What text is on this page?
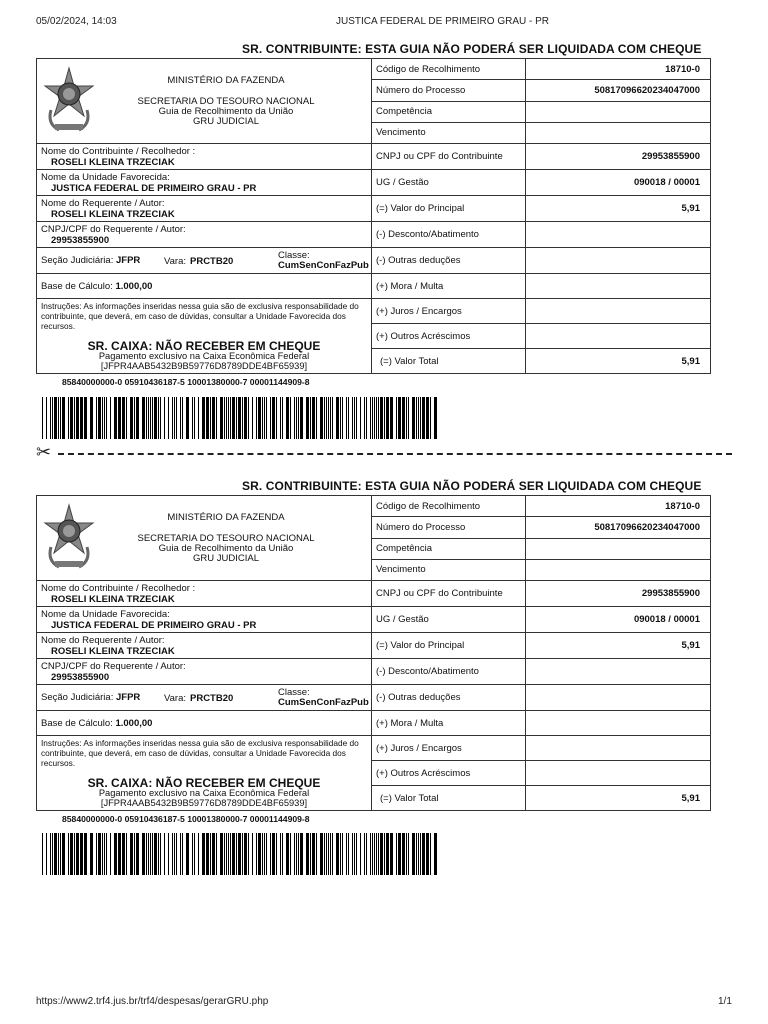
05/02/2024, 14:03	JUSTICA FEDERAL DE PRIMEIRO GRAU - PR
SR. CONTRIBUINTE: ESTA GUIA NÃO PODERÁ SER LIQUIDADA COM CHEQUE
MINISTÉRIO DA FAZENDA
SECRETARIA DO TESOURO NACIONAL
Guia de Recolhimento da União
GRU JUDICIAL	Código de Recolhimento	18710-0
	Número do Processo	50817096620234047000
	Competência	
	Vencimento	

Nome do Contribuinte / Recolhedor :
ROSELI KLEINA TRZECIAK	CNPJ ou CPF do Contribuinte	29953855900

Nome da Unidade Favorecida:
JUSTICA FEDERAL DE PRIMEIRO GRAU - PR	UG / Gestão	090018 / 00001

Nome do Requerente / Autor:
ROSELI KLEINA TRZECIAK	(=) Valor do Principal	5,91

CNPJ/CPF do Requerente / Autor:
29953855900	(-) Desconto/Abatimento	
Seção Judiciária: JFPR Vara: PRCTB20
Classe:
CumSenConFazPub	(-) Outras deduções	
Base de Cálculo: 1.000,00	(+) Mora / Multa	
Instruções: As informações inseridas nessa guia são de exclusiva responsabilidade do contribuinte, que deverá, em caso de dúvidas, consultar a Unidade Favorecida dos recursos.
SR. CAIXA: NÃO RECEBER EM CHEQUE
Pagamento exclusivo na Caixa Econômica Federal
[JFPR4AAB5432B9B59776D8789DDE4BF65939]	(+) Juros / Encargos	
	(+) Outros Acréscimos	
	(=) Valor Total	5,91
85840000000-0 05910436187-5 10001380000-7 00001144909-8
✂
SR. CONTRIBUINTE: ESTA GUIA NÃO PODERÁ SER LIQUIDADA COM CHEQUE
MINISTÉRIO DA FAZENDA
SECRETARIA DO TESOURO NACIONAL
Guia de Recolhimento da União
GRU JUDICIAL	Código de Recolhimento	18710-0
	Número do Processo	50817096620234047000
	Competência	
	Vencimento	

Nome do Contribuinte / Recolhedor :
ROSELI KLEINA TRZECIAK	CNPJ ou CPF do Contribuinte	29953855900

Nome da Unidade Favorecida:
JUSTICA FEDERAL DE PRIMEIRO GRAU - PR	UG / Gestão	090018 / 00001

Nome do Requerente / Autor:
ROSELI KLEINA TRZECIAK	(=) Valor do Principal	5,91

CNPJ/CPF do Requerente / Autor:
29953855900	(-) Desconto/Abatimento	
Seção Judiciária: JFPR Vara: PRCTB20
Classe:
CumSenConFazPub	(-) Outras deduções	
Base de Cálculo: 1.000,00	(+) Mora / Multa	
Instruções: As informações inseridas nessa guia são de exclusiva responsabilidade do contribuinte, que deverá, em caso de dúvidas, consultar a Unidade Favorecida dos recursos.
SR. CAIXA: NÃO RECEBER EM CHEQUE
Pagamento exclusivo na Caixa Econômica Federal
[JFPR4AAB5432B9B59776D8789DDE4BF65939]	(+) Juros / Encargos	
	(+) Outros Acréscimos	
	(=) Valor Total	5,91
85840000000-0 05910436187-5 10001380000-7 00001144909-8
https://www2.trf4.jus.br/trf4/despesas/gerarGRU.php	1/1
